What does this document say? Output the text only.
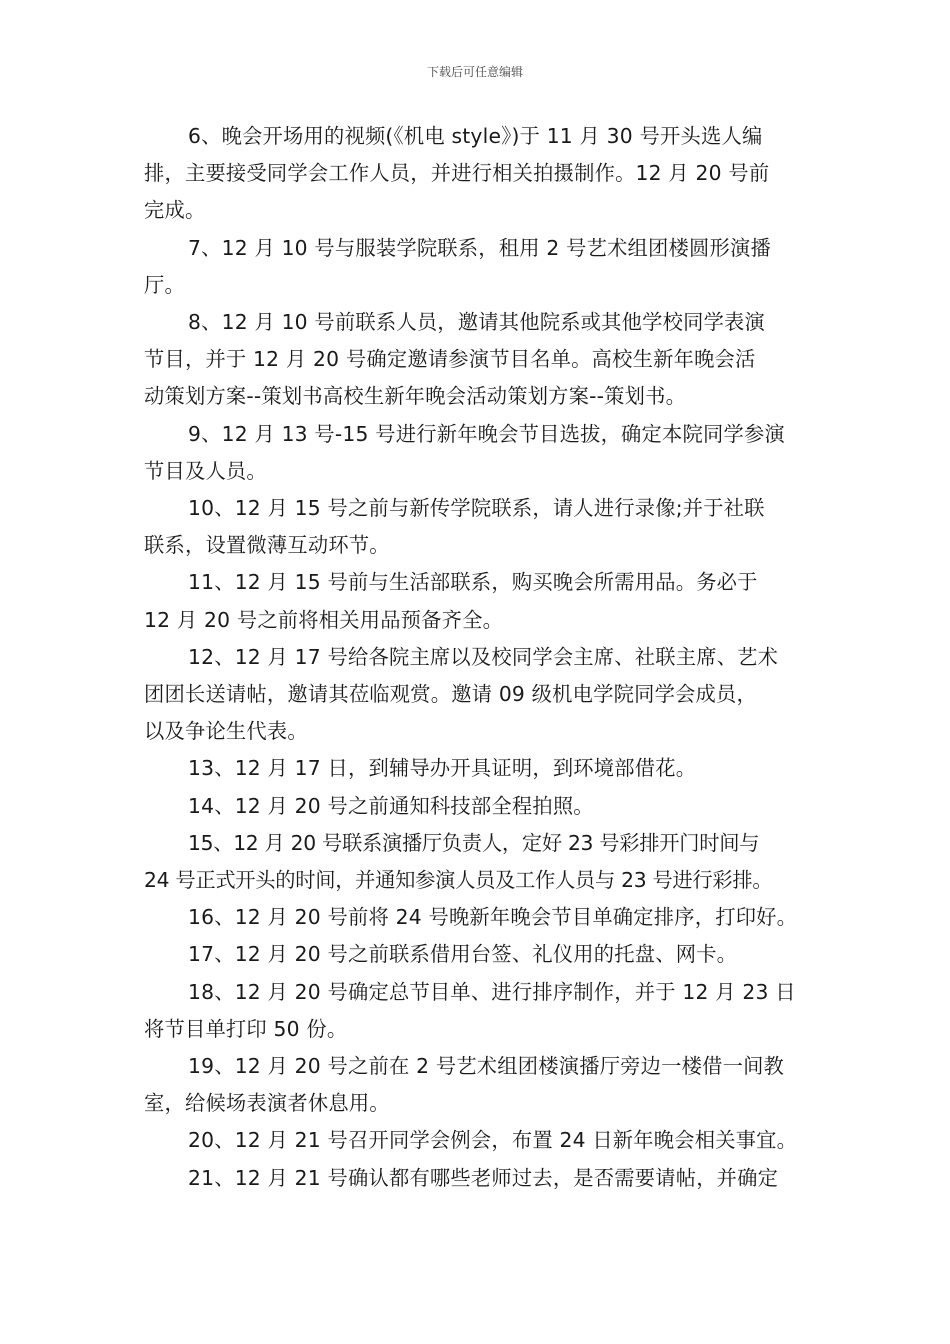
下载后可任意编辑

6、晚会开场用的视频(《机电 style》)于 11 月 30 号开头选人编
排，主要接受同学会工作人员，并进行相关拍摄制作。12 月 20 号前
完成。

7、12 月 10 号与服装学院联系，租用 2 号艺术组团楼圆形演播
厅。

8、12 月 10 号前联系人员，邀请其他院系或其他学校同学表演
节目，并于 12 月 20 号确定邀请参演节目名单。高校生新年晚会活
动策划方案--策划书高校生新年晚会活动策划方案--策划书。

9、12 月 13 号-15 号进行新年晚会节目选拔，确定本院同学参演
节目及人员。

10、12 月 15 号之前与新传学院联系，请人进行录像;并于社联
联系，设置微薄互动环节。

11、12 月 15 号前与生活部联系，购买晚会所需用品。务必于
12 月 20 号之前将相关用品预备齐全。

12、12 月 17 号给各院主席以及校同学会主席、社联主席、艺术
团团长送请帖，邀请其莅临观赏。邀请 09 级机电学院同学会成员，
以及争论生代表。

13、12 月 17 日，到辅导办开具证明，到环境部借花。

14、12 月 20 号之前通知科技部全程拍照。

15、12 月 20 号联系演播厅负责人，定好 23 号彩排开门时间与
24 号正式开头的时间，并通知参演人员及工作人员与 23 号进行彩排。

16、12 月 20 号前将 24 号晚新年晚会节目单确定排序，打印好。

17、12 月 20 号之前联系借用台签、礼仪用的托盘、网卡。

18、12 月 20 号确定总节目单、进行排序制作，并于 12 月 23 日
将节目单打印 50 份。

19、12 月 20 号之前在 2 号艺术组团楼演播厅旁边一楼借一间教
室，给候场表演者休息用。

20、12 月 21 号召开同学会例会，布置 24 日新年晚会相关事宜。

21、12 月 21 号确认都有哪些老师过去，是否需要请帖，并确定
